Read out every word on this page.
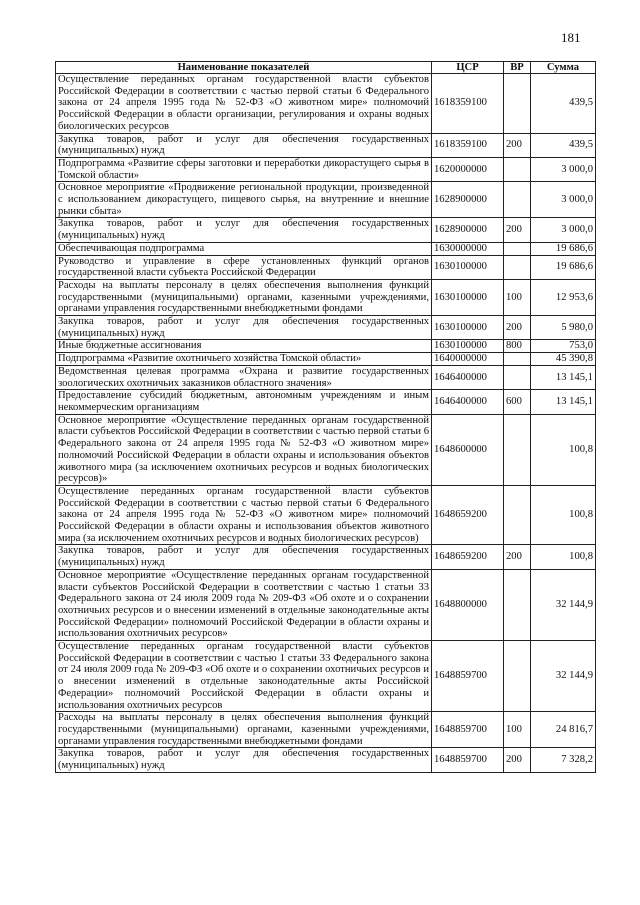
181
Наименование показателей	ЦСР	ВР	Сумма
Осуществление переданных органам государственной власти субъектов Российской Федерации в соответствии с частью первой статьи 6 Федерального закона от 24 апреля 1995 года № 52-ФЗ «О животном мире» полномочий Российской Федерации в области организации, регулирования и охраны водных биологических ресурсов	1618359100		439,5
Закупка товаров, работ и услуг для обеспечения государственных (муниципальных) нужд	1618359100	200	439,5
Подпрограмма «Развитие сферы заготовки и переработки дикорастущего сырья в Томской области»	1620000000		3 000,0
Основное мероприятие «Продвижение региональной продукции, произведенной с использованием дикорастущего, пищевого сырья, на внутренние и внешние рынки сбыта»	1628900000		3 000,0
Закупка товаров, работ и услуг для обеспечения государственных (муниципальных) нужд	1628900000	200	3 000,0
Обеспечивающая подпрограмма	1630000000		19 686,6
Руководство и управление в сфере установленных функций органов государственной власти субъекта Российской Федерации	1630100000		19 686,6
Расходы на выплаты персоналу в целях обеспечения выполнения функций государственными (муниципальными) органами, казенными учреждениями, органами управления государственными внебюджетными фондами	1630100000	100	12 953,6
Закупка товаров, работ и услуг для обеспечения государственных (муниципальных) нужд	1630100000	200	5 980,0
Иные бюджетные ассигнования	1630100000	800	753,0
Подпрограмма «Развитие охотничьего хозяйства Томской области»	1640000000		45 390,8
Ведомственная целевая программа «Охрана и развитие государственных зоологических охотничьих заказников областного значения»	1646400000		13 145,1
Предоставление субсидий бюджетным, автономным учреждениям и иным некоммерческим организациям	1646400000	600	13 145,1
Основное мероприятие «Осуществление переданных органам государственной власти субъектов Российской Федерации в соответствии с частью первой статьи 6 Федерального закона от 24 апреля 1995 года № 52-ФЗ «О животном мире» полномочий Российской Федерации в области охраны и использования объектов животного мира (за исключением охотничьих ресурсов и водных биологических ресурсов)»	1648600000		100,8
Осуществление переданных органам государственной власти субъектов Российской Федерации в соответствии с частью первой статьи 6 Федерального закона от 24 апреля 1995 года № 52-ФЗ «О животном мире» полномочий Российской Федерации в области охраны и использования объектов животного мира (за исключением охотничьих ресурсов и водных биологических ресурсов)	1648659200		100,8
Закупка товаров, работ и услуг для обеспечения государственных (муниципальных) нужд	1648659200	200	100,8
Основное мероприятие «Осуществление переданных органам государственной власти субъектов Российской Федерации в соответствии с частью 1 статьи 33 Федерального закона от 24 июля 2009 года № 209-ФЗ «Об охоте и о сохранении охотничьих ресурсов и о внесении изменений в отдельные законодательные акты Российской Федерации» полномочий Российской Федерации в области охраны и использования охотничьих ресурсов»	1648800000		32 144,9
Осуществление переданных органам государственной власти субъектов Российской Федерации в соответствии с частью 1 статьи 33 Федерального закона от 24 июля 2009 года № 209-ФЗ «Об охоте и о сохранении охотничьих ресурсов и о внесении изменений в отдельные законодательные акты Российской Федерации» полномочий Российской Федерации в области охраны и использования охотничьих ресурсов	1648859700		32 144,9
Расходы на выплаты персоналу в целях обеспечения выполнения функций государственными (муниципальными) органами, казенными учреждениями, органами управления государственными внебюджетными фондами	1648859700	100	24 816,7
Закупка товаров, работ и услуг для обеспечения государственных (муниципальных) нужд	1648859700	200	7 328,2
